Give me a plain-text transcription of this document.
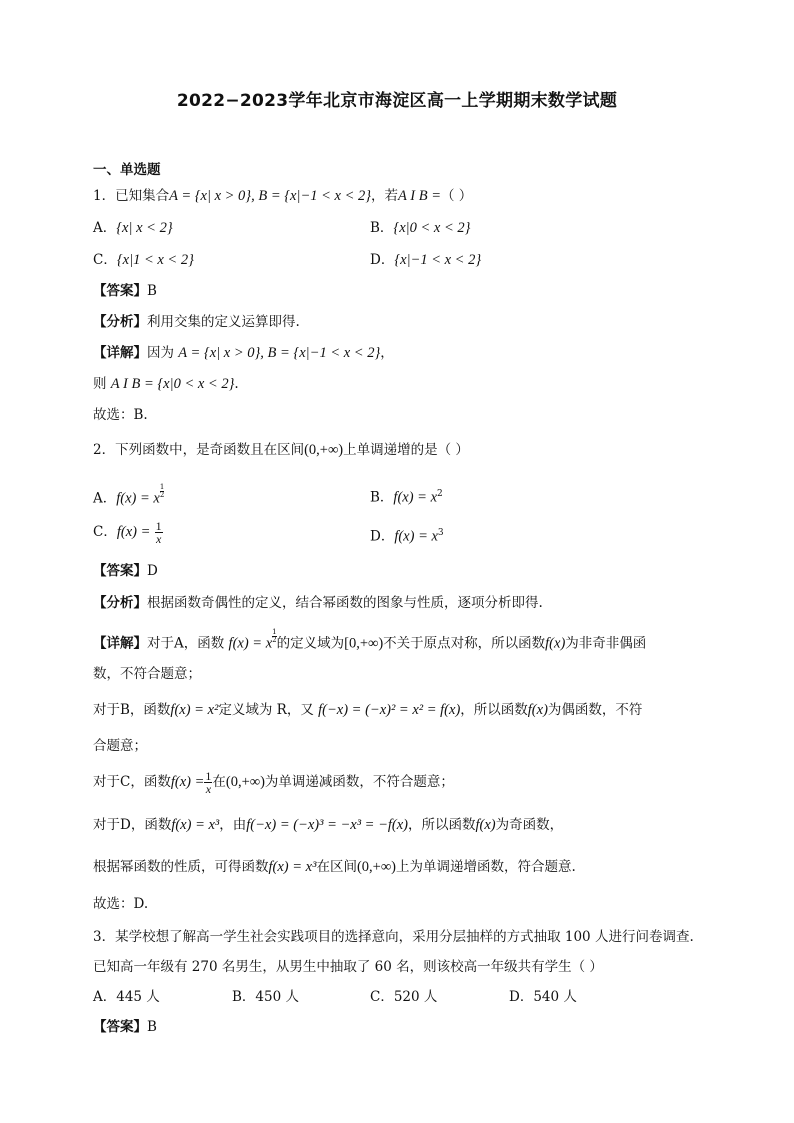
2022−2023学年北京市海淀区高一上学期期末数学试题
一、单选题
1．已知集合A = {x| x > 0}, B = {x|−1 < x < 2}，若A I B =（ ）
A．{x| x < 2}	B．{x|0 < x < 2}
C．{x|1 < x < 2}	D．{x|−1 < x < 2}
【答案】B
【分析】利用交集的定义运算即得.
【详解】因为 A = {x| x > 0}, B = {x|−1 < x < 2}，
则 A I B = {x|0 < x < 2}.
故选：B.
2．下列函数中，是奇函数且在区间(0,+∞)上单调递增的是（ ）
A．f(x) = x $\frac{1}{2}$	B．$f(x) = x^2$
C．$f(x) = \frac{1}{x}$	D．$f(x) = x^3$
【答案】D
【分析】根据函数奇偶性的定义，结合幂函数的图象与性质，逐项分析即得.
【详解】对于A，函数 f(x) = x $\frac{1}{2}$ 的定义域为[0,+∞)不关于原点对称，所以函数f(x)为非奇非偶函
数，不符合题意；
对于B，函数f(x) = x²定义域为 R，又 f(−x) = (−x)² = x² = f(x)，所以函数f(x)为偶函数，不符
合题意；
对于C，函数$f(x) = \frac{1}{x}$ 在(0,+∞)为单调递减函数，不符合题意；
对于D，函数f(x) = x³，由f(−x) = (−x)³ = −x³ = −f(x)，所以函数f(x)为奇函数，
根据幂函数的性质，可得函数f(x) = x³在区间(0,+∞)上为单调递增函数，符合题意.
故选：D.
3．某学校想了解高一学生社会实践项目的选择意向，采用分层抽样的方式抽取 100 人进行问卷调查.
已知高一年级有 270 名男生，从男生中抽取了 60 名，则该校高一年级共有学生（ ）
A．445 人	B．450 人	C．520 人	D．540 人
【答案】B
